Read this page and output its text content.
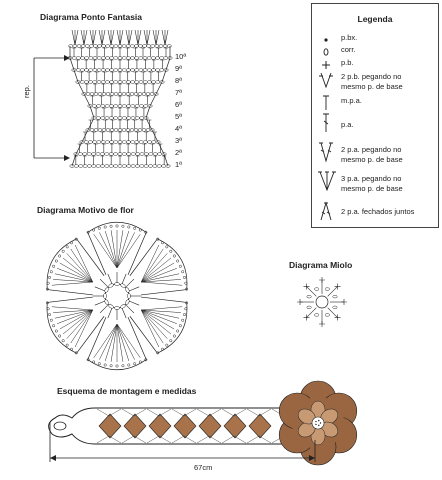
Diagrama Ponto Fantasia
Diagrama Motivo de flor
Diagrama Miolo
Esquema de montagem e medidas
10ª
9ª
8ª
7ª
6ª
5ª
4ª
3ª
2ª
1ª
rep.
Legenda
p.bx.
corr.
p.b.
2 p.b. pegando no
mesmo p. de base
m.p.a.
p.a.
2 p.a. pegando no
mesmo p. de base
3 p.a. pegando no
mesmo p. de base
2 p.a. fechados juntos
67cm
